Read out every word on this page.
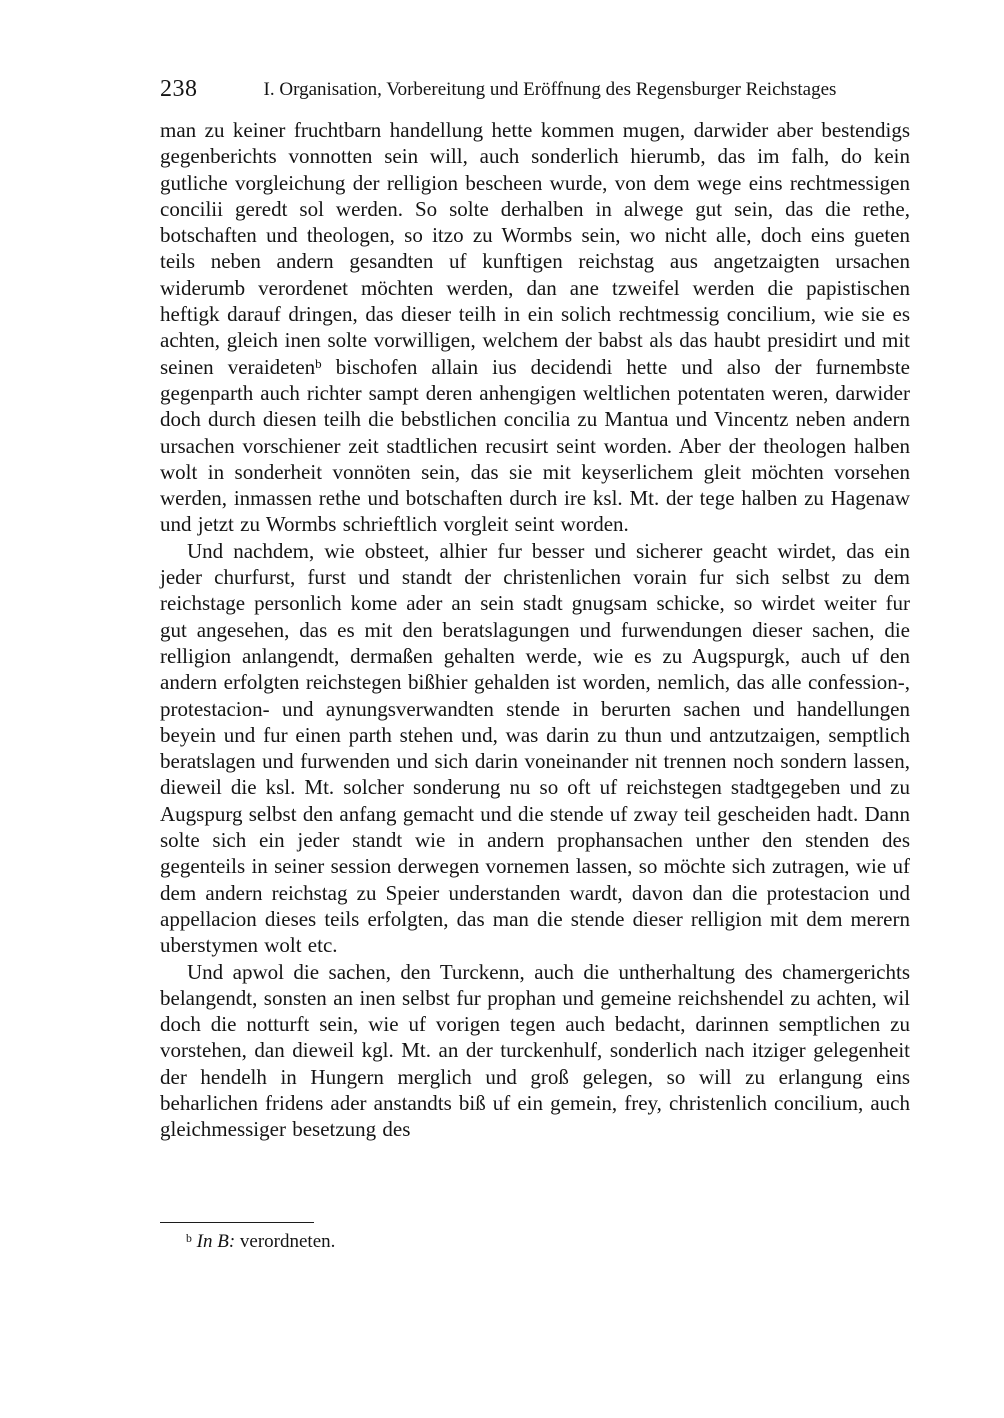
238	I. Organisation, Vorbereitung und Eröffnung des Regensburger Reichstages

man zu keiner fruchtbarn handellung hette kommen mugen, darwider aber bestendigs gegenberichts vonnotten sein will, auch sonderlich hierumb, das im falh, do kein gutliche vorgleichung der relligion bescheen wurde, von dem wege eins rechtmessigen concilii geredt sol werden. So solte derhalben in alwege gut sein, das die rethe, botschaften und theologen, so itzo zu Wormbs sein, wo nicht alle, doch eins gueten teils neben andern gesandten uf kunftigen reichstag aus angetzaigten ursachen widerumb verordenet möchten werden, dan ane tzweifel werden die papistischen heftigk darauf dringen, das dieser teilh in ein solich rechtmessig concilium, wie sie es achten, gleich inen solte vorwilligen, welchem der babst als das haubt presidirt und mit seinen veraideten$^b$ bischofen allain ius decidendi hette und also der furnembste gegenparth auch richter sampt deren anhengigen weltlichen potentaten weren, darwider doch durch diesen teilh die bebstlichen concilia zu Mantua und Vincentz neben andern ursachen vorschiener zeit stadtlichen recusirt seint worden. Aber der theologen halben wolt in sonderheit vonnöten sein, das sie mit keyserlichem gleit möchten vorsehen werden, inmassen rethe und botschaften durch ire ksl. Mt. der tege halben zu Hagenaw und jetzt zu Wormbs schrieftlich vorgleit seint worden.

Und nachdem, wie obsteet, alhier fur besser und sicherer geacht wirdet, das ein jeder churfurst, furst und standt der christenlichen vorain fur sich selbst zu dem reichstage personlich kome ader an sein stadt gnugsam schicke, so wirdet weiter fur gut angesehen, das es mit den beratslagungen und furwendungen dieser sachen, die relligion anlangendt, dermaßen gehalten werde, wie es zu Augspurgk, auch uf den andern erfolgten reichstegen bißhier gehalden ist worden, nemlich, das alle confession-, protestacion- und aynungsverwandten stende in berurten sachen und handellungen beyein und fur einen parth stehen und, was darin zu thun und antzutzaigen, semptlich beratslagen und furwenden und sich darin voneinander nit trennen noch sondern lassen, dieweil die ksl. Mt. solcher sonderung nu so oft uf reichstegen stadtgegeben und zu Augspurg selbst den anfang gemacht und die stende uf zway teil gescheiden hadt. Dann solte sich ein jeder standt wie in andern prophansachen unther den stenden des gegenteils in seiner session derwegen vornemen lassen, so möchte sich zutragen, wie uf dem andern reichstag zu Speier understanden wardt, davon dan die protestacion und appellacion dieses teils erfolgten, das man die stende dieser relligion mit dem merern uberstymen wolt etc.

Und apwol die sachen, den Turckenn, auch die untherhaltung des chamergerichts belangendt, sonsten an inen selbst fur prophan und gemeine reichshendel zu achten, wil doch die notturft sein, wie uf vorigen tegen auch bedacht, darinnen semptlichen zu vorstehen, dan dieweil kgl. Mt. an der turckenhulf, sonderlich nach itziger gelegenheit der hendelh in Hungern merglich und groß gelegen, so will zu erlangung eins beharlichen fridens ader anstandts biß uf ein gemein, frey, christenlich concilium, auch gleichmessiger besetzung des

$^b$ In B: verordneten.
